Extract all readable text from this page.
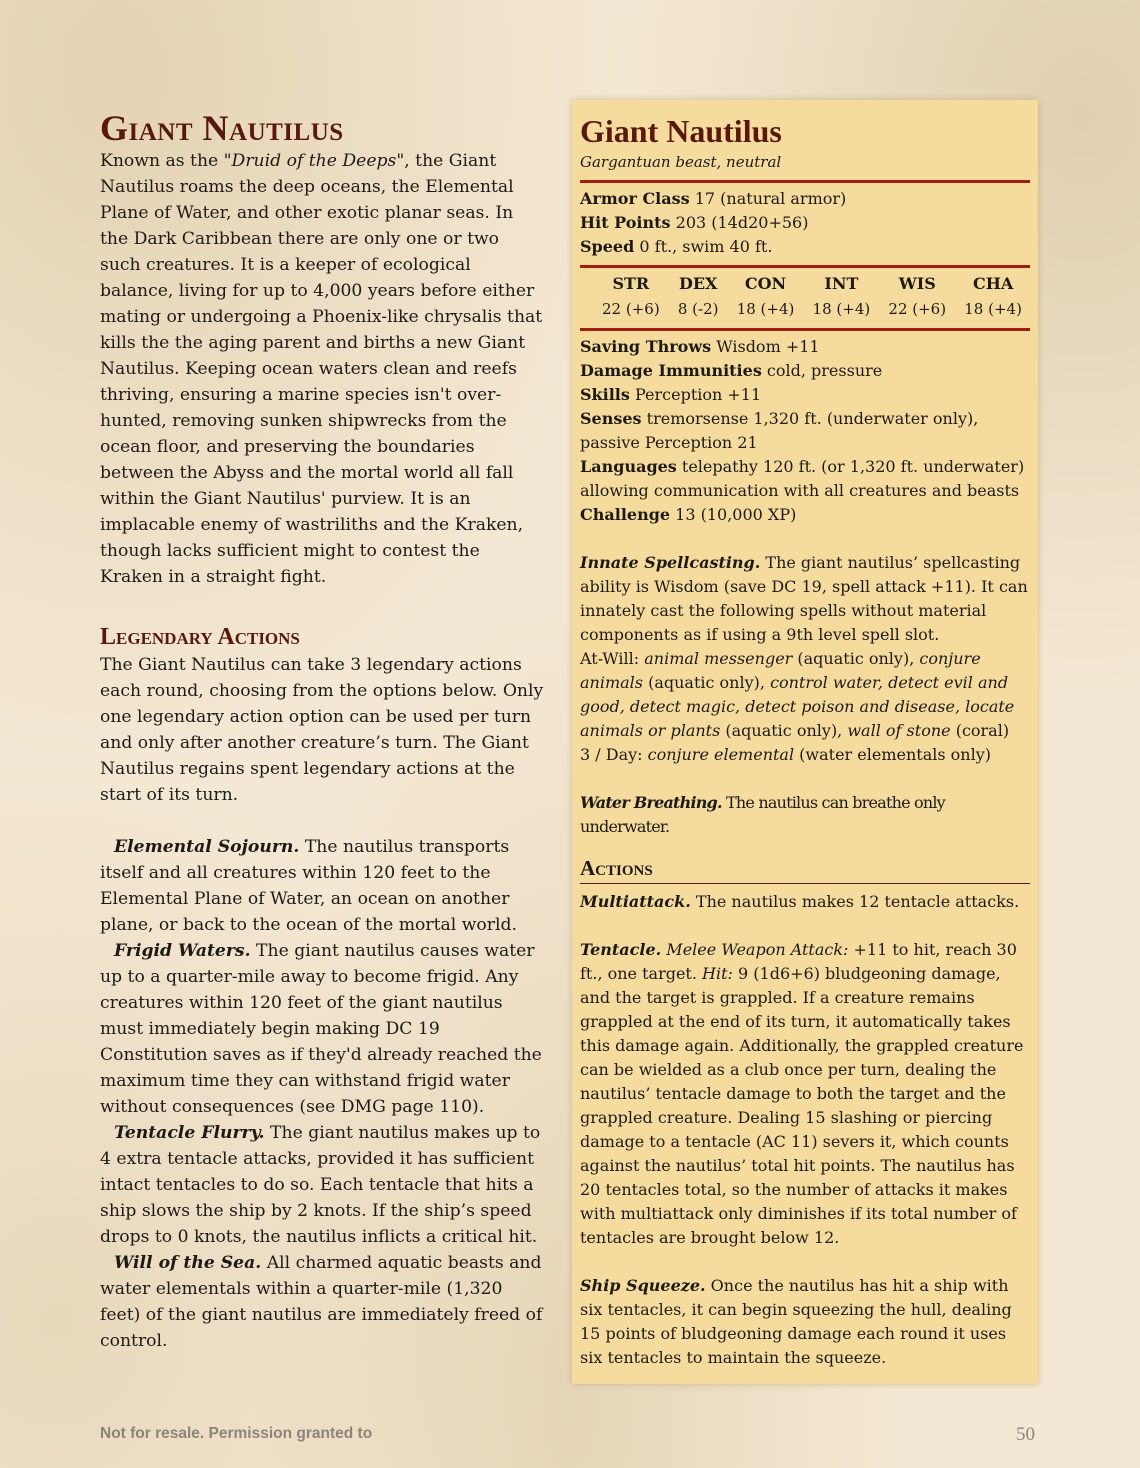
Giant Nautilus

Known as the "Druid of the Deeps", the Giant Nautilus roams the deep oceans, the Elemental Plane of Water, and other exotic planar seas. In the Dark Caribbean there are only one or two such creatures. It is a keeper of ecological balance, living for up to 4,000 years before either mating or undergoing a Phoenix-like chrysalis that kills the the aging parent and births a new Giant Nautilus. Keeping ocean waters clean and reefs thriving, ensuring a marine species isn't over-hunted, removing sunken shipwrecks from the ocean floor, and preserving the boundaries between the Abyss and the mortal world all fall within the Giant Nautilus' purview. It is an implacable enemy of wastriliths and the Kraken, though lacks sufficient might to contest the Kraken in a straight fight.

Legendary Actions

The Giant Nautilus can take 3 legendary actions each round, choosing from the options below. Only one legendary action option can be used per turn and only after another creature’s turn. The Giant Nautilus regains spent legendary actions at the start of its turn.

Elemental Sojourn. The nautilus transports itself and all creatures within 120 feet to the Elemental Plane of Water, an ocean on another plane, or back to the ocean of the mortal world.

Frigid Waters. The giant nautilus causes water up to a quarter-mile away to become frigid. Any creatures within 120 feet of the giant nautilus must immediately begin making DC 19 Constitution saves as if they'd already reached the maximum time they can withstand frigid water without consequences (see DMG page 110).

Tentacle Flurry. The giant nautilus makes up to 4 extra tentacle attacks, provided it has sufficient intact tentacles to do so. Each tentacle that hits a ship slows the ship by 2 knots. If the ship’s speed drops to 0 knots, the nautilus inflicts a critical hit.

Will of the Sea. All charmed aquatic beasts and water elementals within a quarter-mile (1,320 feet) of the giant nautilus are immediately freed of control.

Giant Nautilus

Gargantuan beast, neutral

Armor Class 17 (natural armor)

Hit Points 203 (14d20+56)

Speed 0 ft., swim 40 ft.

STR
22 (+6)
DEX
8 (-2)
CON
18 (+4)
INT
18 (+4)
WIS
22 (+6)
CHA
18 (+4)

Saving Throws Wisdom +11

Damage Immunities cold, pressure

Skills Perception +11

Senses tremorsense 1,320 ft. (underwater only), passive Perception 21

Languages telepathy 120 ft. (or 1,320 ft. underwater) allowing communication with all creatures and beasts

Challenge 13 (10,000 XP)

Innate Spellcasting. The giant nautilus’ spellcasting ability is Wisdom (save DC 19, spell attack +11). It can innately cast the following spells without material components as if using a 9th level spell slot.

At-Will: animal messenger (aquatic only), conjure animals (aquatic only), control water, detect evil and good, detect magic, detect poison and disease, locate animals or plants (aquatic only), wall of stone (coral)

3 / Day: conjure elemental (water elementals only)

Water Breathing. The nautilus can breathe only underwater.

Actions

Multiattack. The nautilus makes 12 tentacle attacks.

Tentacle. Melee Weapon Attack: +11 to hit, reach 30 ft., one target. Hit: 9 (1d6+6) bludgeoning damage, and the target is grappled. If a creature remains grappled at the end of its turn, it automatically takes this damage again. Additionally, the grappled creature can be wielded as a club once per turn, dealing the nautilus’ tentacle damage to both the target and the grappled creature. Dealing 15 slashing or piercing damage to a tentacle (AC 11) severs it, which counts against the nautilus’ total hit points. The nautilus has 20 tentacles total, so the number of attacks it makes with multiattack only diminishes if its total number of tentacles are brought below 12.

Ship Squeeze. Once the nautilus has hit a ship with six tentacles, it can begin squeezing the hull, dealing 15 points of bludgeoning damage each round it uses six tentacles to maintain the squeeze.

Not for resale. Permission granted to	50
